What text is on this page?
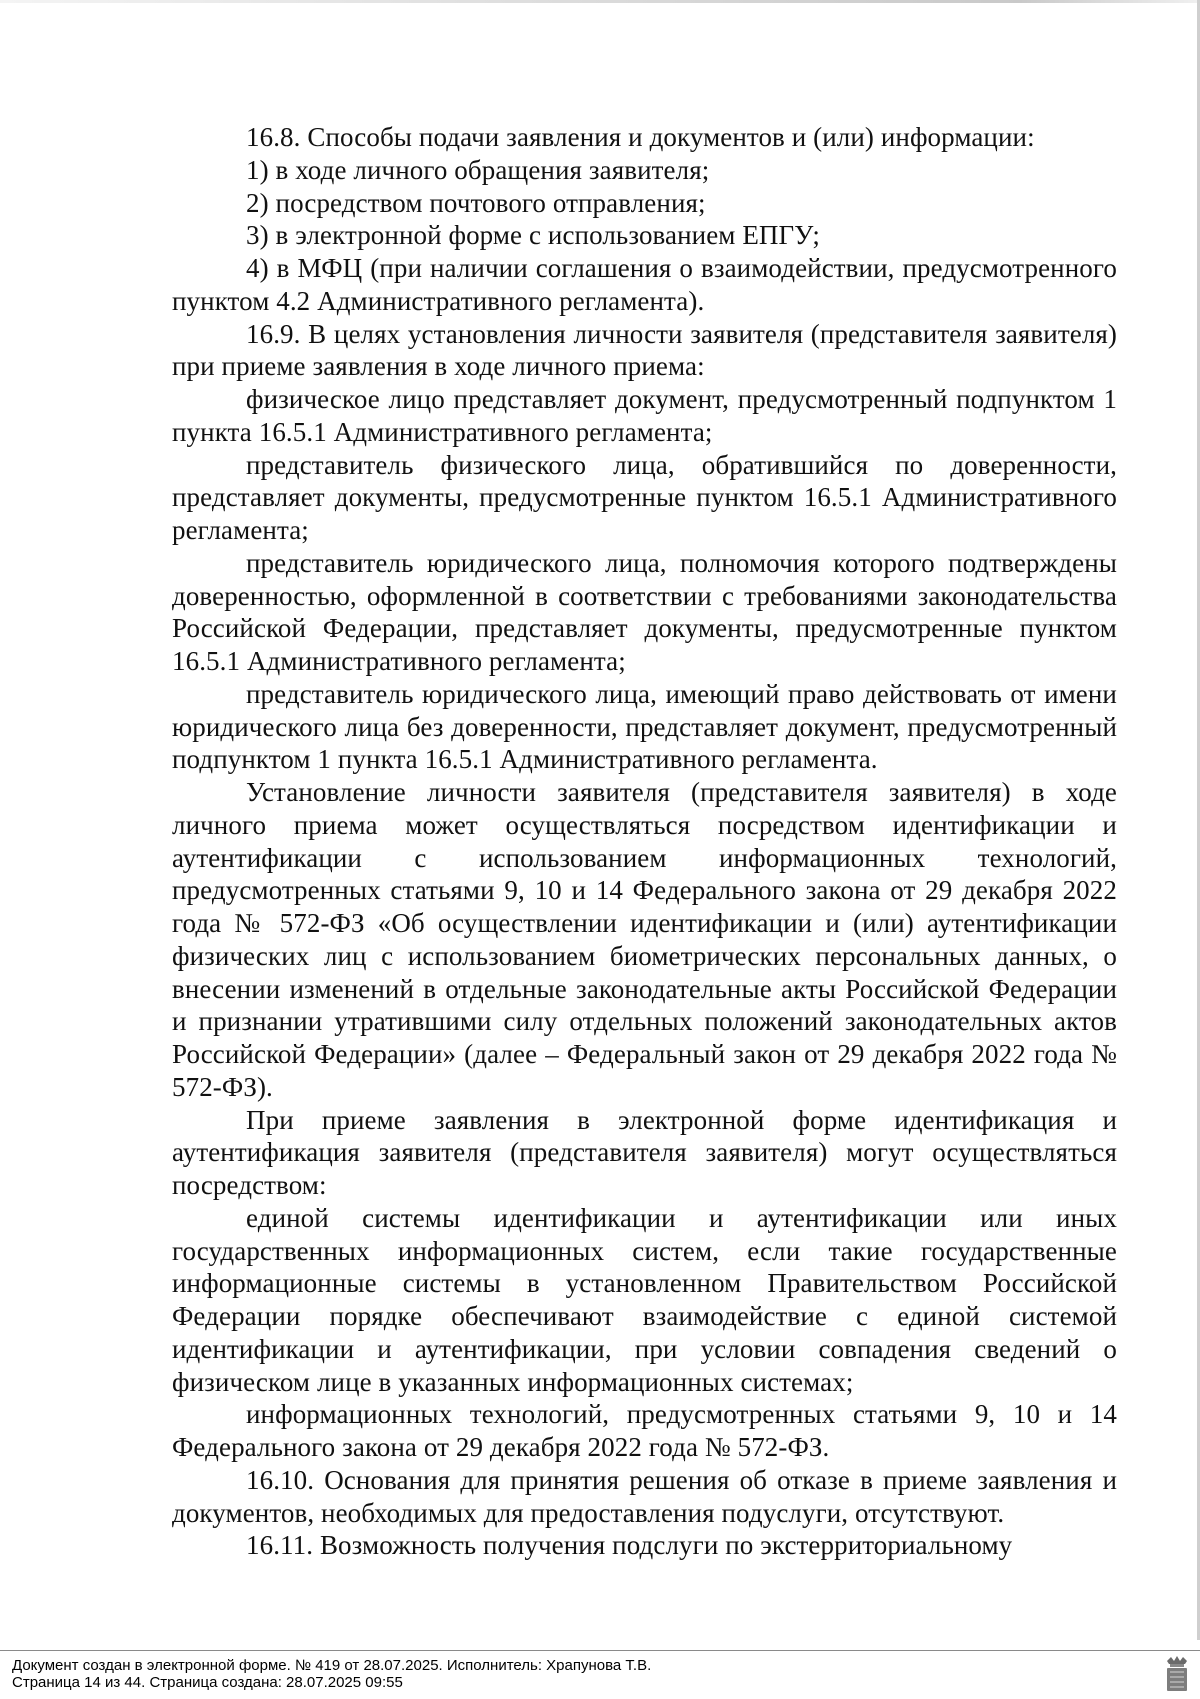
16.8. Способы подачи заявления и документов и (или) информации:

1) в ходе личного обращения заявителя;

2) посредством почтового отправления;

3) в электронной форме с использованием ЕПГУ;

4) в МФЦ (при наличии соглашения о взаимодействии, предусмотренного пунктом 4.2 Административного регламента).

16.9. В целях установления личности заявителя (представителя заявителя) при приеме заявления в ходе личного приема:

физическое лицо представляет документ, предусмотренный подпунктом 1 пункта 16.5.1 Административного регламента;

представитель физического лица, обратившийся по доверенности, представляет документы, предусмотренные пунктом 16.5.1 Административного регламента;

представитель юридического лица, полномочия которого подтверждены доверенностью, оформленной в соответствии с требованиями законодательства Российской Федерации, представляет документы, предусмотренные пунктом 16.5.1 Административного регламента;

представитель юридического лица, имеющий право действовать от имени юридического лица без доверенности, представляет документ, предусмотренный подпунктом 1 пункта 16.5.1 Административного регламента.

Установление личности заявителя (представителя заявителя) в ходе личного приема может осуществляться посредством идентификации и аутентификации с использованием информационных технологий, предусмотренных статьями 9, 10 и 14 Федерального закона от 29 декабря 2022 года № 572-ФЗ «Об осуществлении идентификации и (или) аутентификации физических лиц с использованием биометрических персональных данных, о внесении изменений в отдельные законодательные акты Российской Федерации и признании утратившими силу отдельных положений законодательных актов Российской Федерации» (далее – Федеральный закон от 29 декабря 2022 года № 572-ФЗ).

При приеме заявления в электронной форме идентификация и аутентификация заявителя (представителя заявителя) могут осуществляться посредством:

единой системы идентификации и аутентификации или иных государственных информационных систем, если такие государственные информационные системы в установленном Правительством Российской Федерации порядке обеспечивают взаимодействие с единой системой идентификации и аутентификации, при условии совпадения сведений о физическом лице в указанных информационных системах;

информационных технологий, предусмотренных статьями 9, 10 и 14 Федерального закона от 29 декабря 2022 года № 572-ФЗ.

16.10. Основания для принятия решения об отказе в приеме заявления и документов, необходимых для предоставления подуслуги, отсутствуют.

16.11. Возможность получения подслуги по экстерриториальному

Документ создан в электронной форме. № 419 от 28.07.2025. Исполнитель: Храпунова Т.В.
Страница 14 из 44. Страница создана: 28.07.2025 09:55
